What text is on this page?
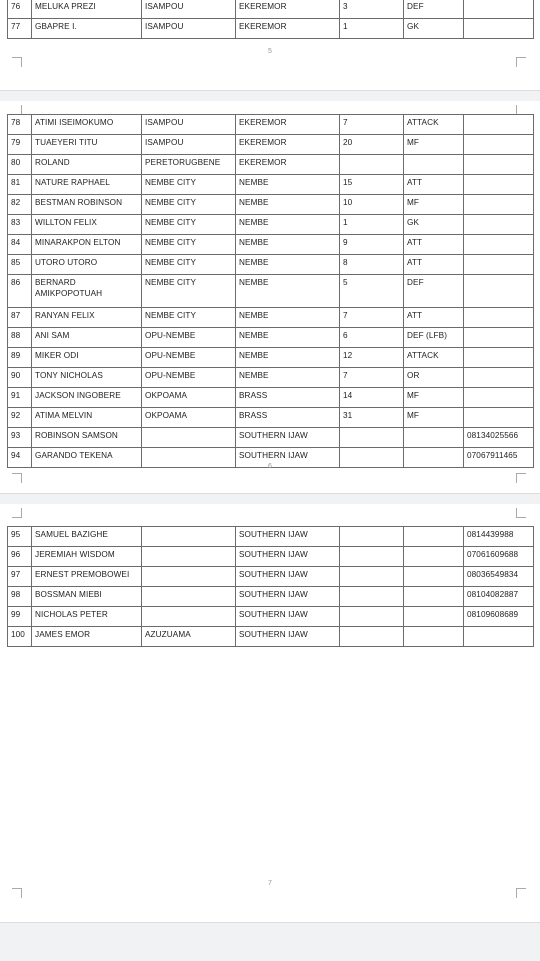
76	MELUKA PREZI	ISAMPOU	EKEREMOR	3	DEF	
77	GBAPRE I.	ISAMPOU	EKEREMOR	1	GK	
5
78	ATIMI ISEIMOKUMO	ISAMPOU	EKEREMOR	7	ATTACK	
79	TUAEYERI TITU	ISAMPOU	EKEREMOR	20	MF	
80	ROLAND	PERETORUGBENE	EKEREMOR			
81	NATURE RAPHAEL	NEMBE CITY	NEMBE	15	ATT	
82	BESTMAN ROBINSON	NEMBE CITY	NEMBE	10	MF	
83	WILLTON FELIX	NEMBE CITY	NEMBE	1	GK	
84	MINARAKPON ELTON	NEMBE CITY	NEMBE	9	ATT	
85	UTORO UTORO	NEMBE CITY	NEMBE	8	ATT	
86	BERNARD AMIKPOPOTUAH	NEMBE CITY	NEMBE	5	DEF	
87	RANYAN FELIX	NEMBE CITY	NEMBE	7	ATT	
88	ANI SAM	OPU-NEMBE	NEMBE	6	DEF (LFB)	
89	MIKER ODI	OPU-NEMBE	NEMBE	12	ATTACK	
90	TONY NICHOLAS	OPU-NEMBE	NEMBE	7	OR	
91	JACKSON INGOBERE	OKPOAMA	BRASS	14	MF	
92	ATIMA MELVIN	OKPOAMA	BRASS	31	MF	
93	ROBINSON SAMSON		SOUTHERN IJAW			08134025566
94	GARANDO TEKENA		SOUTHERN IJAW			07067911465
6
95	SAMUEL BAZIGHE		SOUTHERN IJAW			0814439988
96	JEREMIAH WISDOM		SOUTHERN IJAW			07061609688
97	ERNEST PREMOBOWEI		SOUTHERN IJAW			08036549834
98	BOSSMAN MIEBI		SOUTHERN IJAW			08104082887
99	NICHOLAS PETER		SOUTHERN IJAW			08109608689
100	JAMES EMOR	AZUZUAMA	SOUTHERN IJAW			
7
